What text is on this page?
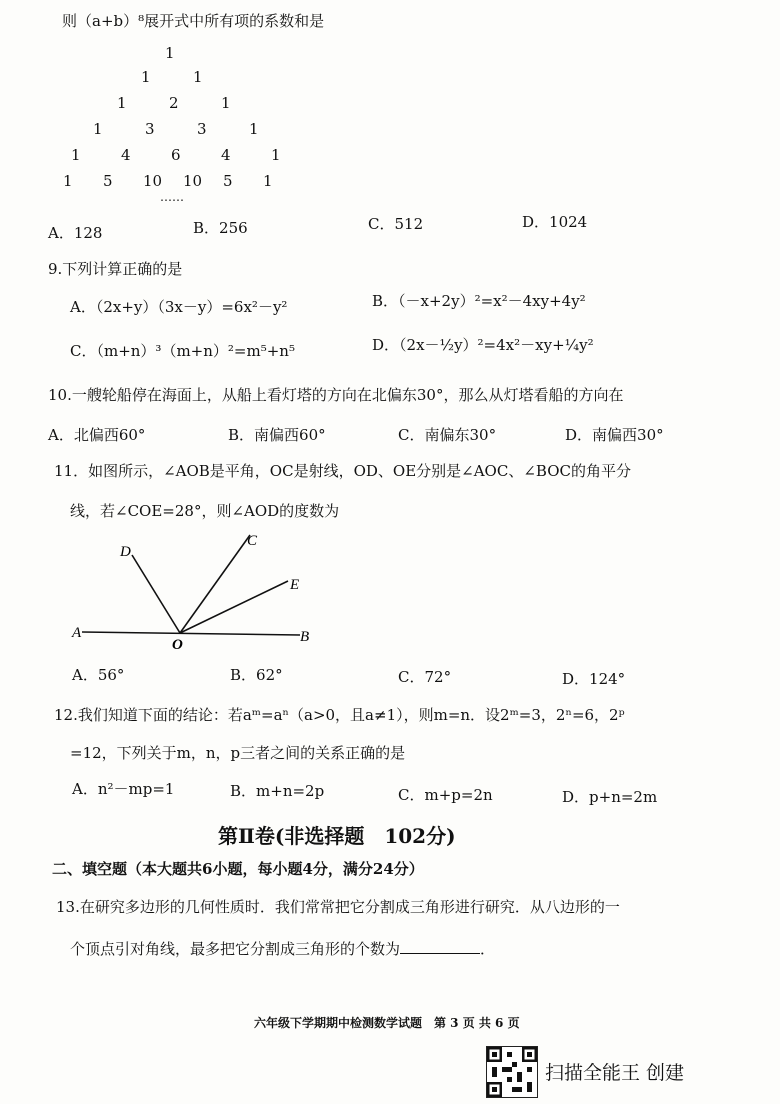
则（a+b）⁸展开式中所有项的系数和是
1
1	1
1	2	1
1	3	3	1
1	4	6	4	1
1 5 10 10 5 1
……
A．128	B．256	C．512	D．1024
9.下列计算正确的是
A．（2x+y）（3x－y）=6x²－y²	B．（－x+2y）²=x²－4xy+4y²
C．（m+n）³（m+n）²=m⁵+n⁵	D．（2x－½y）²=4x²－xy+¼y²
10.一艘轮船停在海面上，从船上看灯塔的方向在北偏东30°，那么从灯塔看船的方向在
A．北偏西60°	B．南偏西60°	C．南偏东30°	D．南偏西30°
11．如图所示，∠AOB是平角，OC是射线，OD、OE分别是∠AOC、∠BOC的角平分
线，若∠COE=28°，则∠AOD的度数为
A	B
C
D
E
O
A．56°	B．62°	C．72°	D．124°
12.我们知道下面的结论：若aᵐ=aⁿ（a>0，且a≠1），则m=n．设2ᵐ=3，2ⁿ=6，2ᵖ
=12，下列关于m，n，p三者之间的关系正确的是
A．n²－mp=1	B．m+n=2p	C．m+p=2n	D．p+n=2m
第Ⅱ卷(非选择题　102分)
二、填空题（本大题共6小题，每小题4分，满分24分）
13.在研究多边形的几何性质时．我们常常把它分割成三角形进行研究．从八边形的一
个顶点引对角线，最多把它分割成三角形的个数为	．
六年级下学期期中检测数学试题　第 3 页 共 6 页
扫描全能王 创建
